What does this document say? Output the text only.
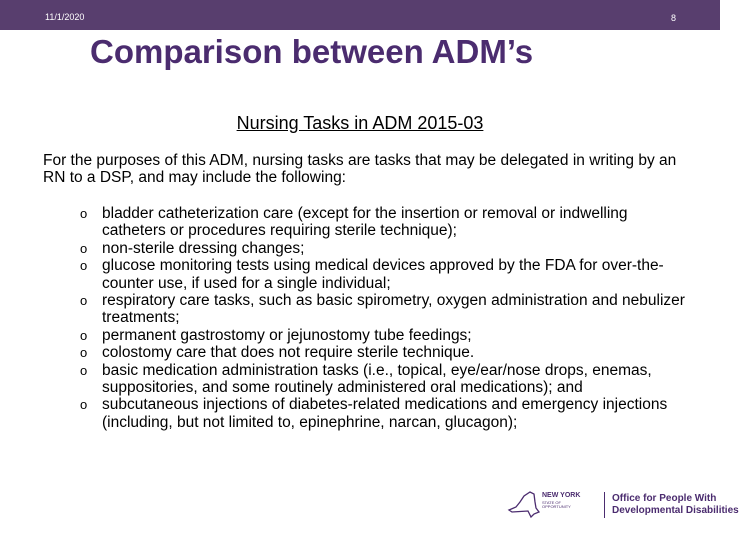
11/1/2020	8
Comparison between ADM’s
Nursing Tasks in ADM 2015-03
For the purposes of this ADM, nursing tasks are tasks that may be delegated in writing by an RN to a DSP, and may include the following:
o bladder catheterization care (except for the insertion or removal or indwelling catheters or procedures requiring sterile technique);
o non-sterile dressing changes;
o glucose monitoring tests using medical devices approved by the FDA for over-the-counter use, if used for a single individual;
o respiratory care tasks, such as basic spirometry, oxygen administration and nebulizer treatments;
o permanent gastrostomy or jejunostomy tube feedings;
o colostomy care that does not require sterile technique.
o basic medication administration tasks (i.e., topical, eye/ear/nose drops, enemas, suppositories, and some routinely administered oral medications); and
o subcutaneous injections of diabetes-related medications and emergency injections (including, but not limited to, epinephrine, narcan, glucagon);
NEW YORK
STATE OF OPPORTUNITY
Office for People With
Developmental Disabilities
